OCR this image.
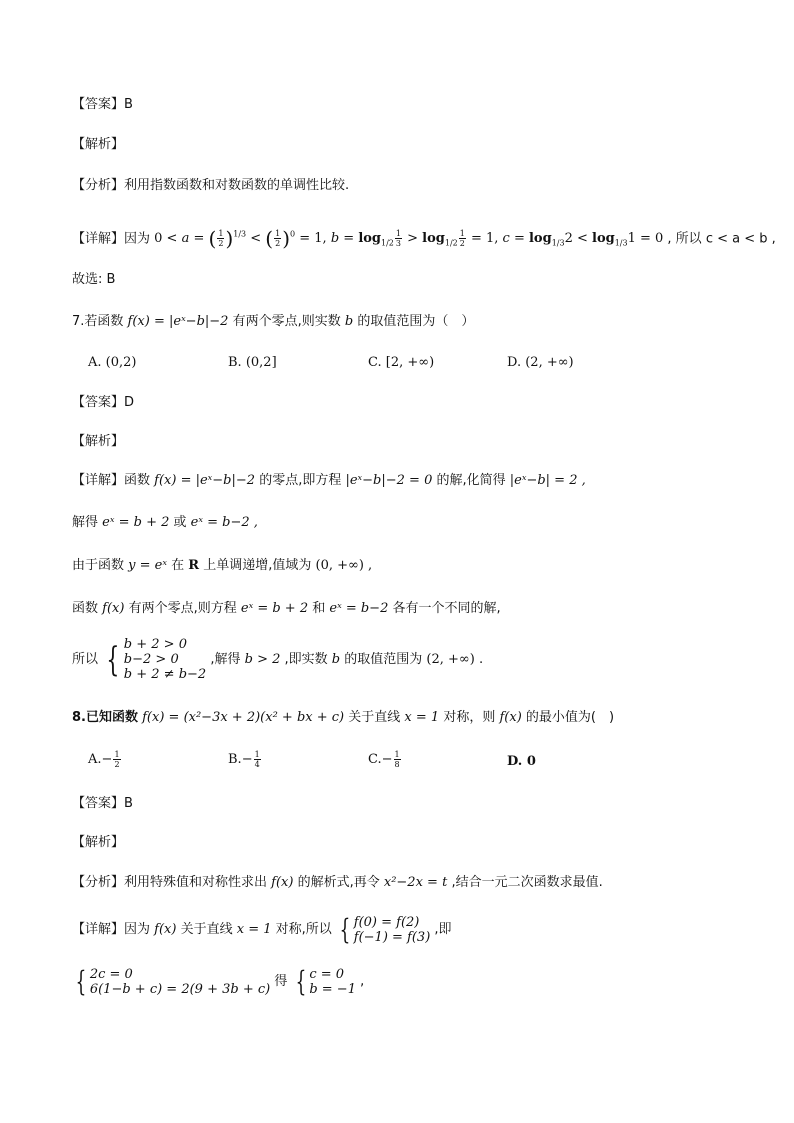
【答案】B
【解析】
【分析】利用指数函数和对数函数的单调性比较.
【详解】因为 0 < a = ( $\frac{1}{2} )^{1/3}$ < ( $\frac{1}{2} )^0 = 1$, $b = \log_{1/2} \frac{1}{3} > \log_{1/2} \frac{1}{2} = 1$, $c = \log_{1/3}2 < \log_{1/3}1 = 0$ , 所以 c < a < b ,
故选: B
7.若函数 f(x) = |eˣ−b|−2 有两个零点,则实数 b 的取值范围为（　）
A. (0,2)	B. (0,2]	C. [2, +∞)	D. (2, +∞)
【答案】D
【解析】
【详解】函数 f(x) = |eˣ−b|−2 的零点,即方程 |eˣ−b|−2 = 0 的解,化简得 |eˣ−b| = 2 ,
解得 eˣ = b + 2 或 eˣ = b−2 ,
由于函数 y = eˣ 在 R 上单调递增,值域为 (0, +∞) ,
函数 f(x) 有两个零点,则方程 eˣ = b + 2 和 eˣ = b−2 各有一个不同的解,
所以 { b + 2 > 0
b−2 > 0
b + 2 ≠ b−2
,解得 b > 2 ,即实数 b 的取值范围为 (2, +∞) .
8.已知函数 f(x) = (x²−3x + 2)(x² + bx + c) 关于直线 x = 1 对称，则 f(x) 的最小值为(　)
$A.- \frac{1}{2}$	$B.- \frac{1}{4}$	$C.- \frac{1}{8}$	D. 0
【答案】B
【解析】
【分析】利用特殊值和对称性求出 f(x) 的解析式,再令 x²−2x = t ,结合一元二次函数求最值.
【详解】因为 f(x) 关于直线 x = 1 对称,所以 { f(0) = f(2)
f(−1) = f(3) ,即
{ 2c = 0
6(1−b + c) = 2(9 + 3b + c) 得 { c = 0
b = −1 ,
